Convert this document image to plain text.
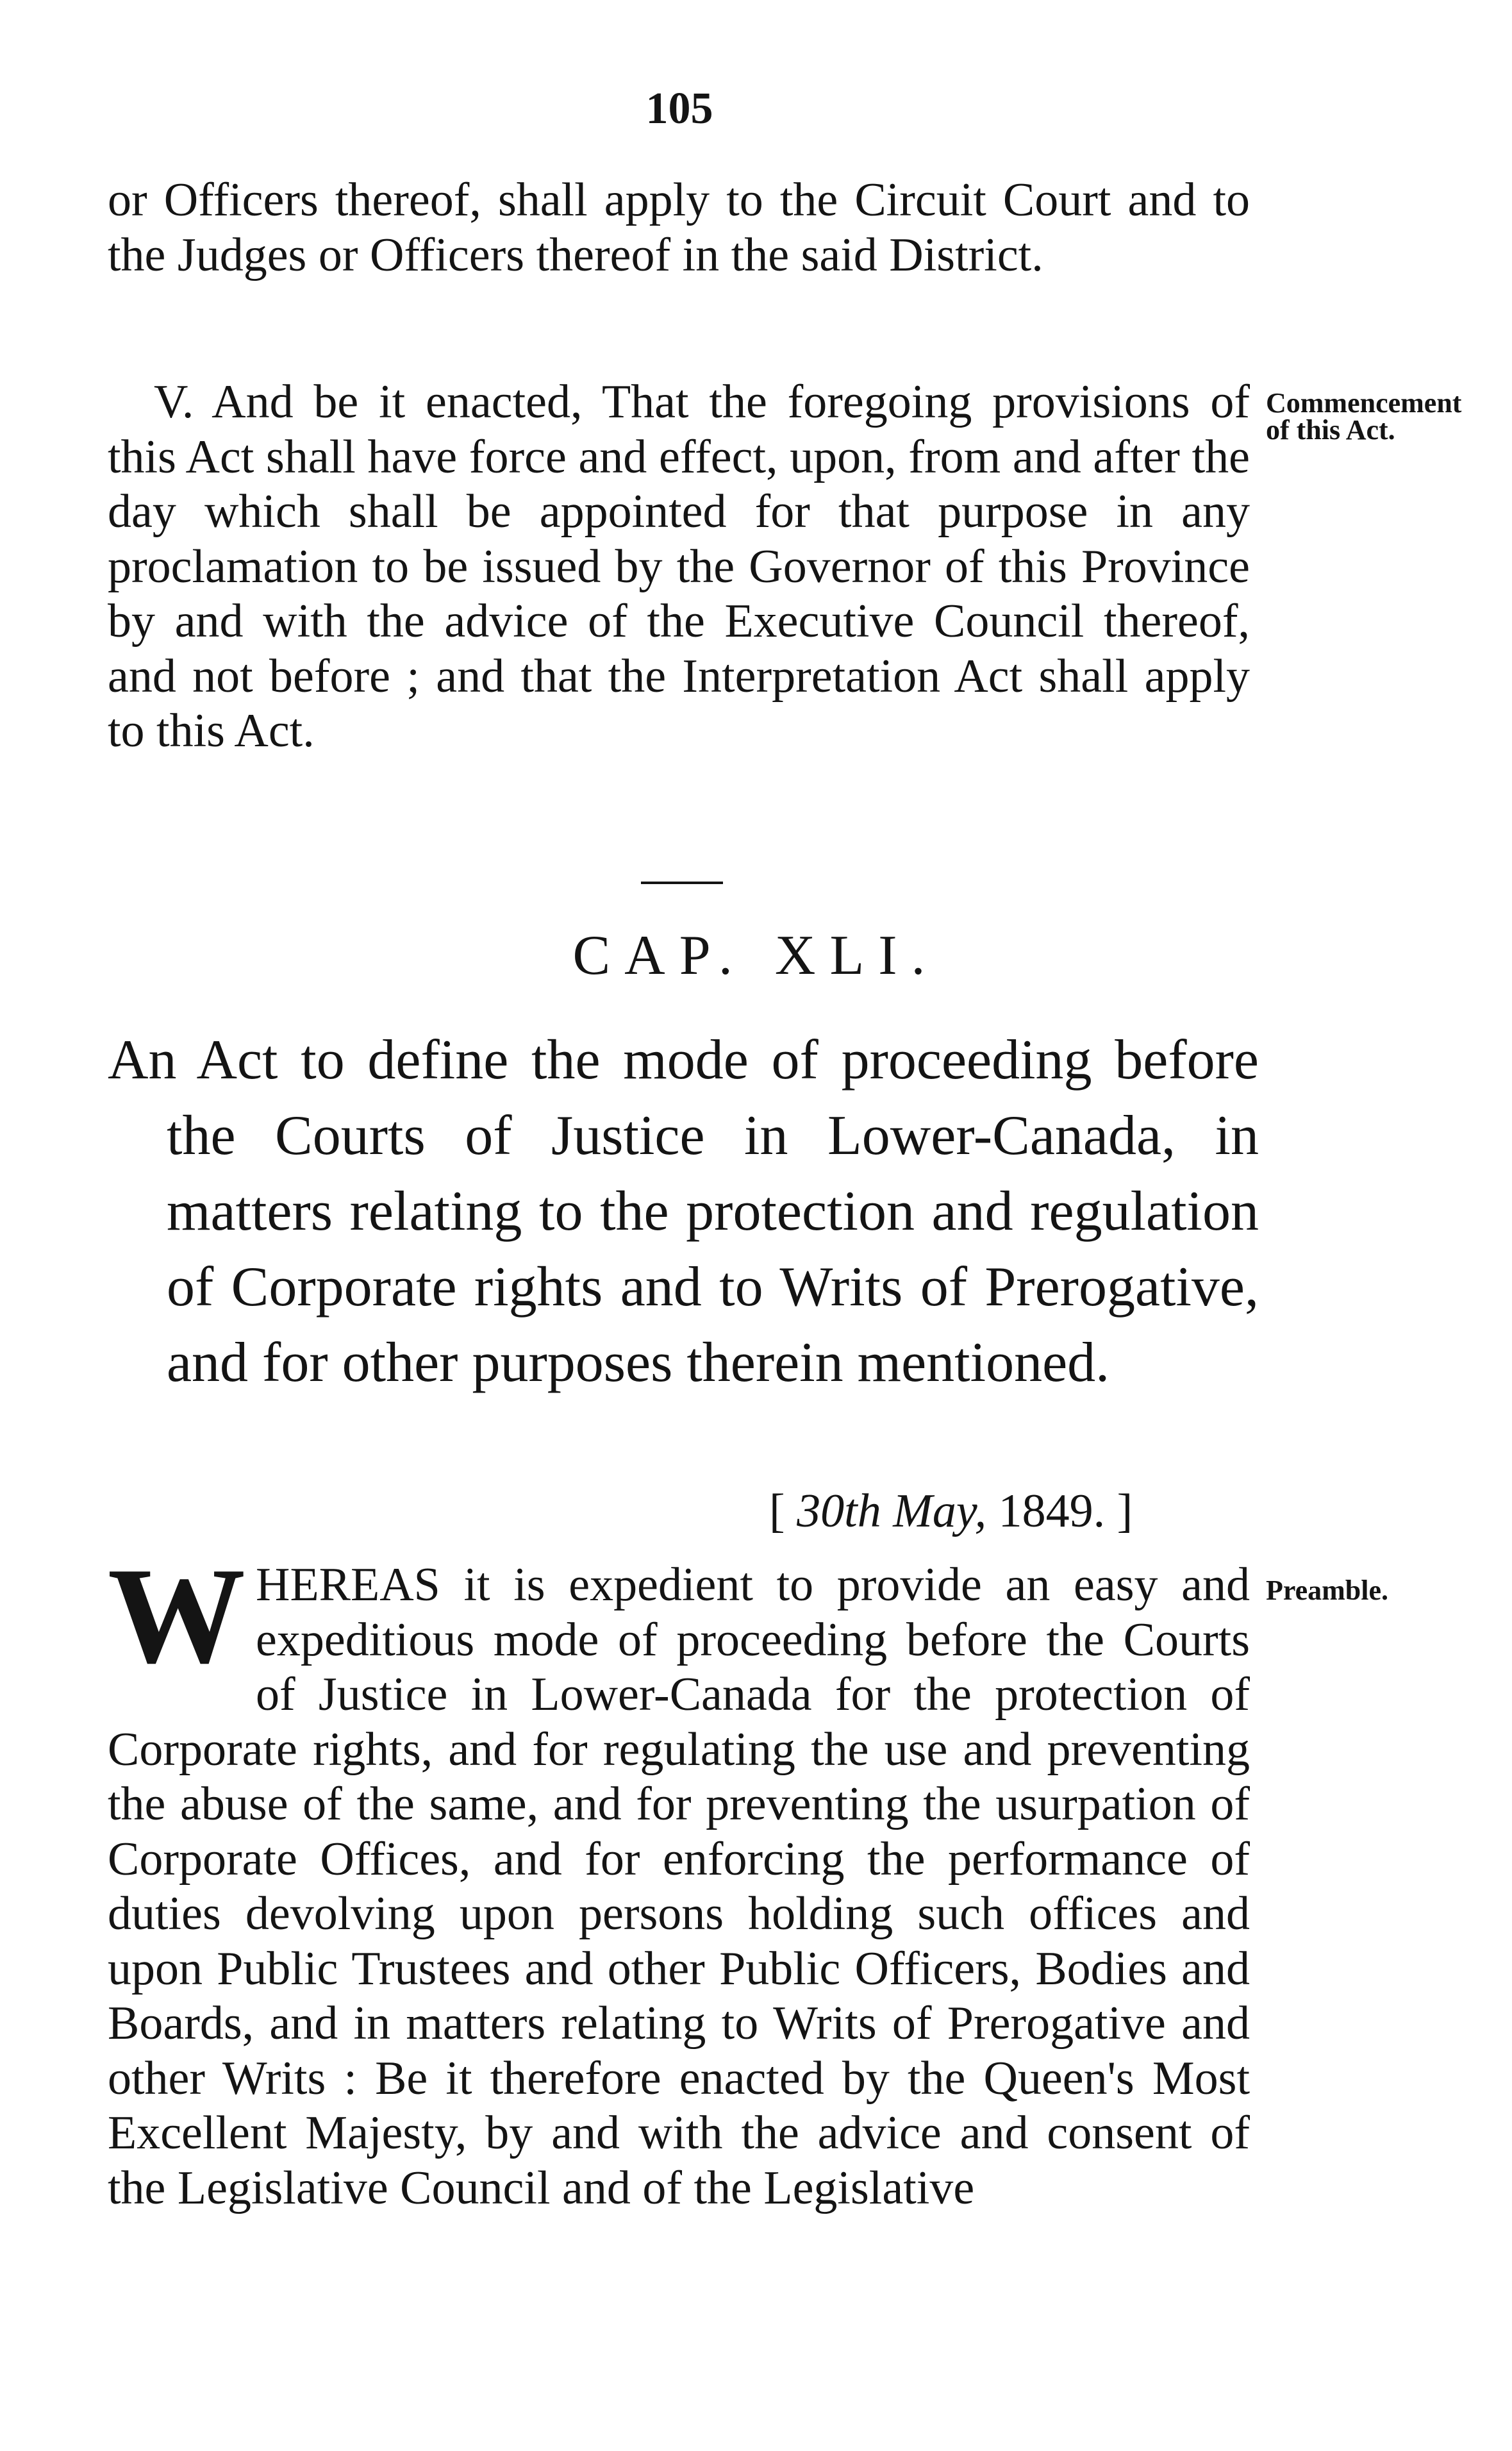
105

or Officers thereof, shall apply to the Circuit Court and to the Judges or Officers thereof in the said District.

V. And be it enacted, That the foregoing provisions of this Act shall have force and effect, upon, from and after the day which shall be appointed for that purpose in any proclamation to be issued by the Governor of this Province by and with the advice of the Executive Council thereof, and not before ; and that the Interpretation Act shall apply to this Act.

Commencement of this Act.
CAP. XLI.

An Act to define the mode of proceeding before the Courts of Justice in Lower-Canada, in matters relating to the protection and regulation of Corporate rights and to Writs of Prerogative, and for other purposes therein mentioned.

[ 30th May, 1849. ]
WHEREAS it is expedient to provide an easy and expeditious mode of proceeding before the Courts of Justice in Lower-Canada for the protection of Corporate rights, and for regulating the use and preventing the abuse of the same, and for preventing the usurpation of Corporate Offices, and for enforcing the performance of duties devolving upon persons holding such offices and upon Public Trustees and other Public Officers, Bodies and Boards, and in matters relating to Writs of Prerogative and other Writs : Be it therefore enacted by the Queen's Most Excellent Majesty, by and with the advice and consent of the Legislative Council and of the Legislative
Preamble.
